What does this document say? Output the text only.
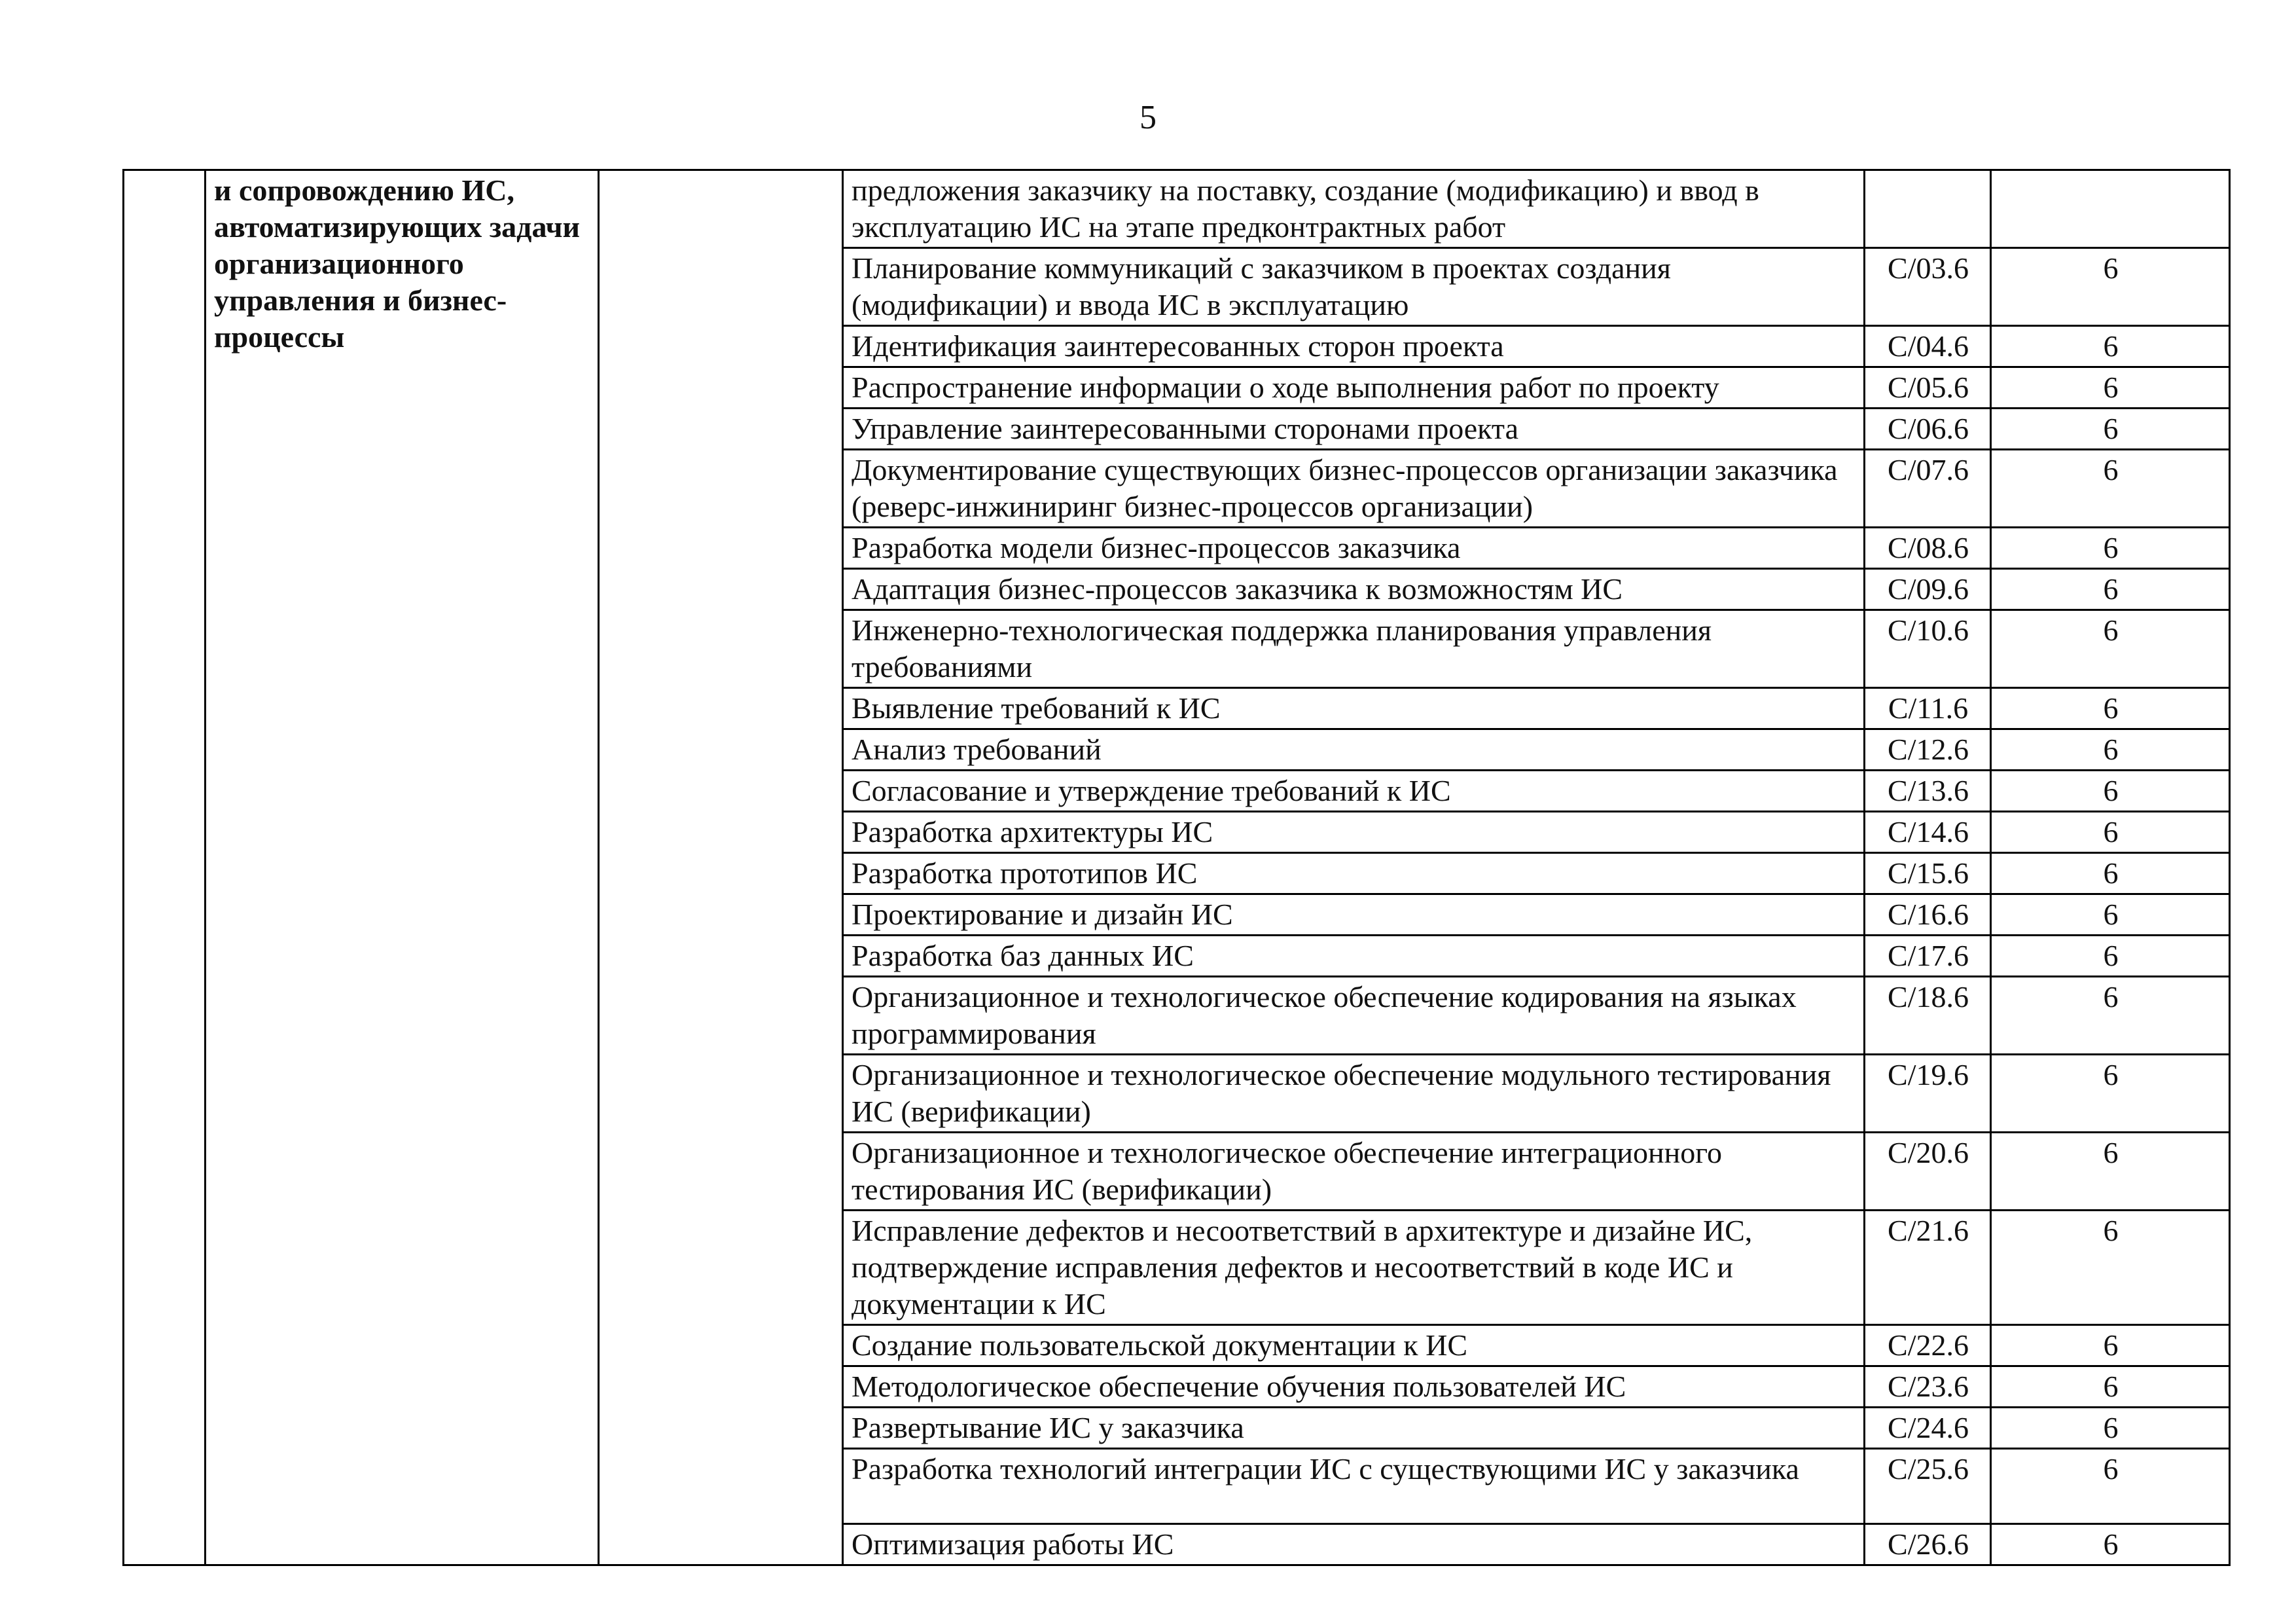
5
	и сопровождению ИС, автоматизирующих задачи организационного управления и бизнес-процессы		предложения заказчику на поставку, создание (модификацию) и ввод в эксплуатацию ИС на этапе предконтрактных работ		
			Планирование коммуникаций с заказчиком в проектах создания (модификации) и ввода ИС в эксплуатацию	C/03.6	6
			Идентификация заинтересованных сторон проекта	C/04.6	6
			Распространение информации о ходе выполнения работ по проекту	C/05.6	6
			Управление заинтересованными сторонами проекта	C/06.6	6
			Документирование существующих бизнес-процессов организации заказчика (реверс-инжиниринг бизнес-процессов организации)	C/07.6	6
			Разработка модели бизнес-процессов заказчика	C/08.6	6
			Адаптация бизнес-процессов заказчика к возможностям ИС	C/09.6	6
			Инженерно-технологическая поддержка планирования управления требованиями	C/10.6	6
			Выявление требований к ИС	C/11.6	6
			Анализ требований	C/12.6	6
			Согласование и утверждение требований к ИС	C/13.6	6
			Разработка архитектуры ИС	C/14.6	6
			Разработка прототипов ИС	C/15.6	6
			Проектирование и дизайн ИС	C/16.6	6
			Разработка баз данных ИС	C/17.6	6
			Организационное и технологическое обеспечение кодирования на языках программирования	C/18.6	6
			Организационное и технологическое обеспечение модульного тестирования ИС (верификации)	C/19.6	6
			Организационное и технологическое обеспечение интеграционного тестирования ИС (верификации)	C/20.6	6
			Исправление дефектов и несоответствий в архитектуре и дизайне ИС, подтверждение исправления дефектов и несоответствий в коде ИС и документации к ИС	C/21.6	6
			Создание пользовательской документации к ИС	C/22.6	6
			Методологическое обеспечение обучения пользователей ИС	C/23.6	6
			Развертывание ИС у заказчика	C/24.6	6
			Разработка технологий интеграции ИС с существующими ИС у заказчика	C/25.6	6
			Оптимизация работы ИС	C/26.6	6
